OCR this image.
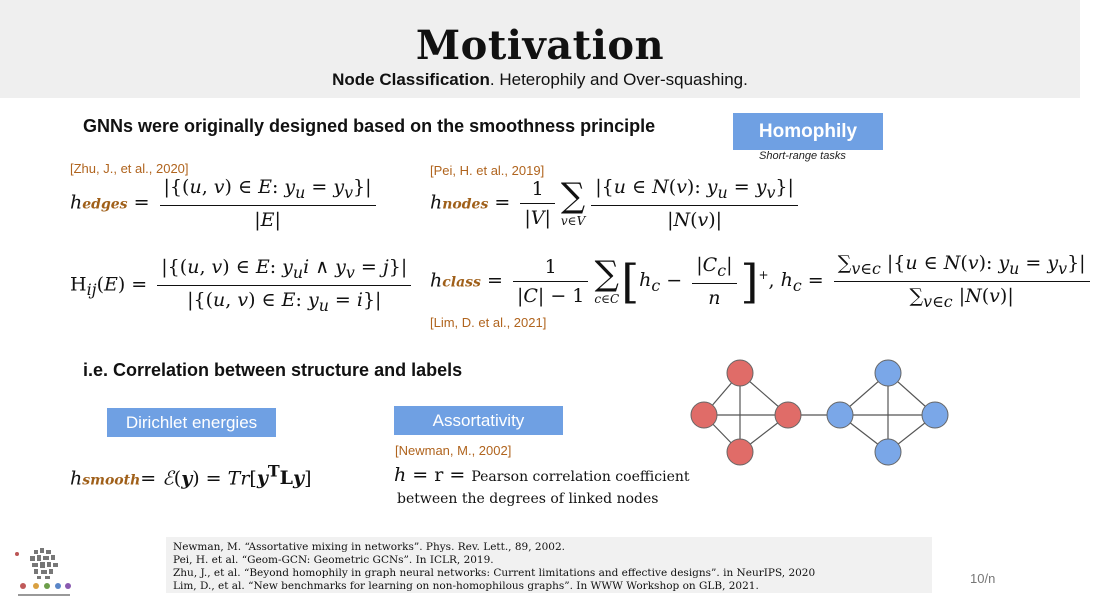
Motivation
Node Classification. Heterophily and Over-squashing.
GNNs were originally designed based on the smoothness principle	Homophily
Short-range tasks
[Zhu, J., et al., 2020]	[Pei, H. et al., 2019]
[Lim, D. et al., 2021]
[Newman, M., 2002]
hedges = $\frac{|\{(u, v) \in E: y_u = y_v\}|}{|E|}$	hnodes = $\frac{1}{|V|}$ ∑
v∈V $\frac{|\{u \in N(v): y_u = y_v\}|}{|N(v)|}$
$H_{ij}(E) = \frac{|\{(u, v) \in E: y_ui \wedge y_v = j\}|}{|\{(u, v) \in E: y_u = i\}|}$ hclass = $\frac{1}{|C| - 1}$ ∑
c∈C $[h_c - \frac{|C_c|}{n} ]^+$, $h_c = \frac{\sum_{v\in c} |\{u \in N(v): y_u = y_v\}|}{\sum_{v\in c} |N(v)|}$
i.e. Correlation between structure and labels
Dirichlet energies	Assortativity
hsmooth= ℰ(y) = $Tr[y^TLy]$	h = r = Pearson correlation coefficient
between the degrees of linked nodes
Newman, M. “Assortative mixing in networks”. Phys. Rev. Lett., 89, 2002.
Pei, H. et al. “Geom-GCN: Geometric GCNs”. In ICLR, 2019.
Zhu, J., et al. “Beyond homophily in graph neural networks: Current limitations and effective designs”. in NeurIPS, 2020
Lim, D., et al. “New benchmarks for learning on non-homophilous graphs”. In WWW Workshop on GLB, 2021.	10/n
